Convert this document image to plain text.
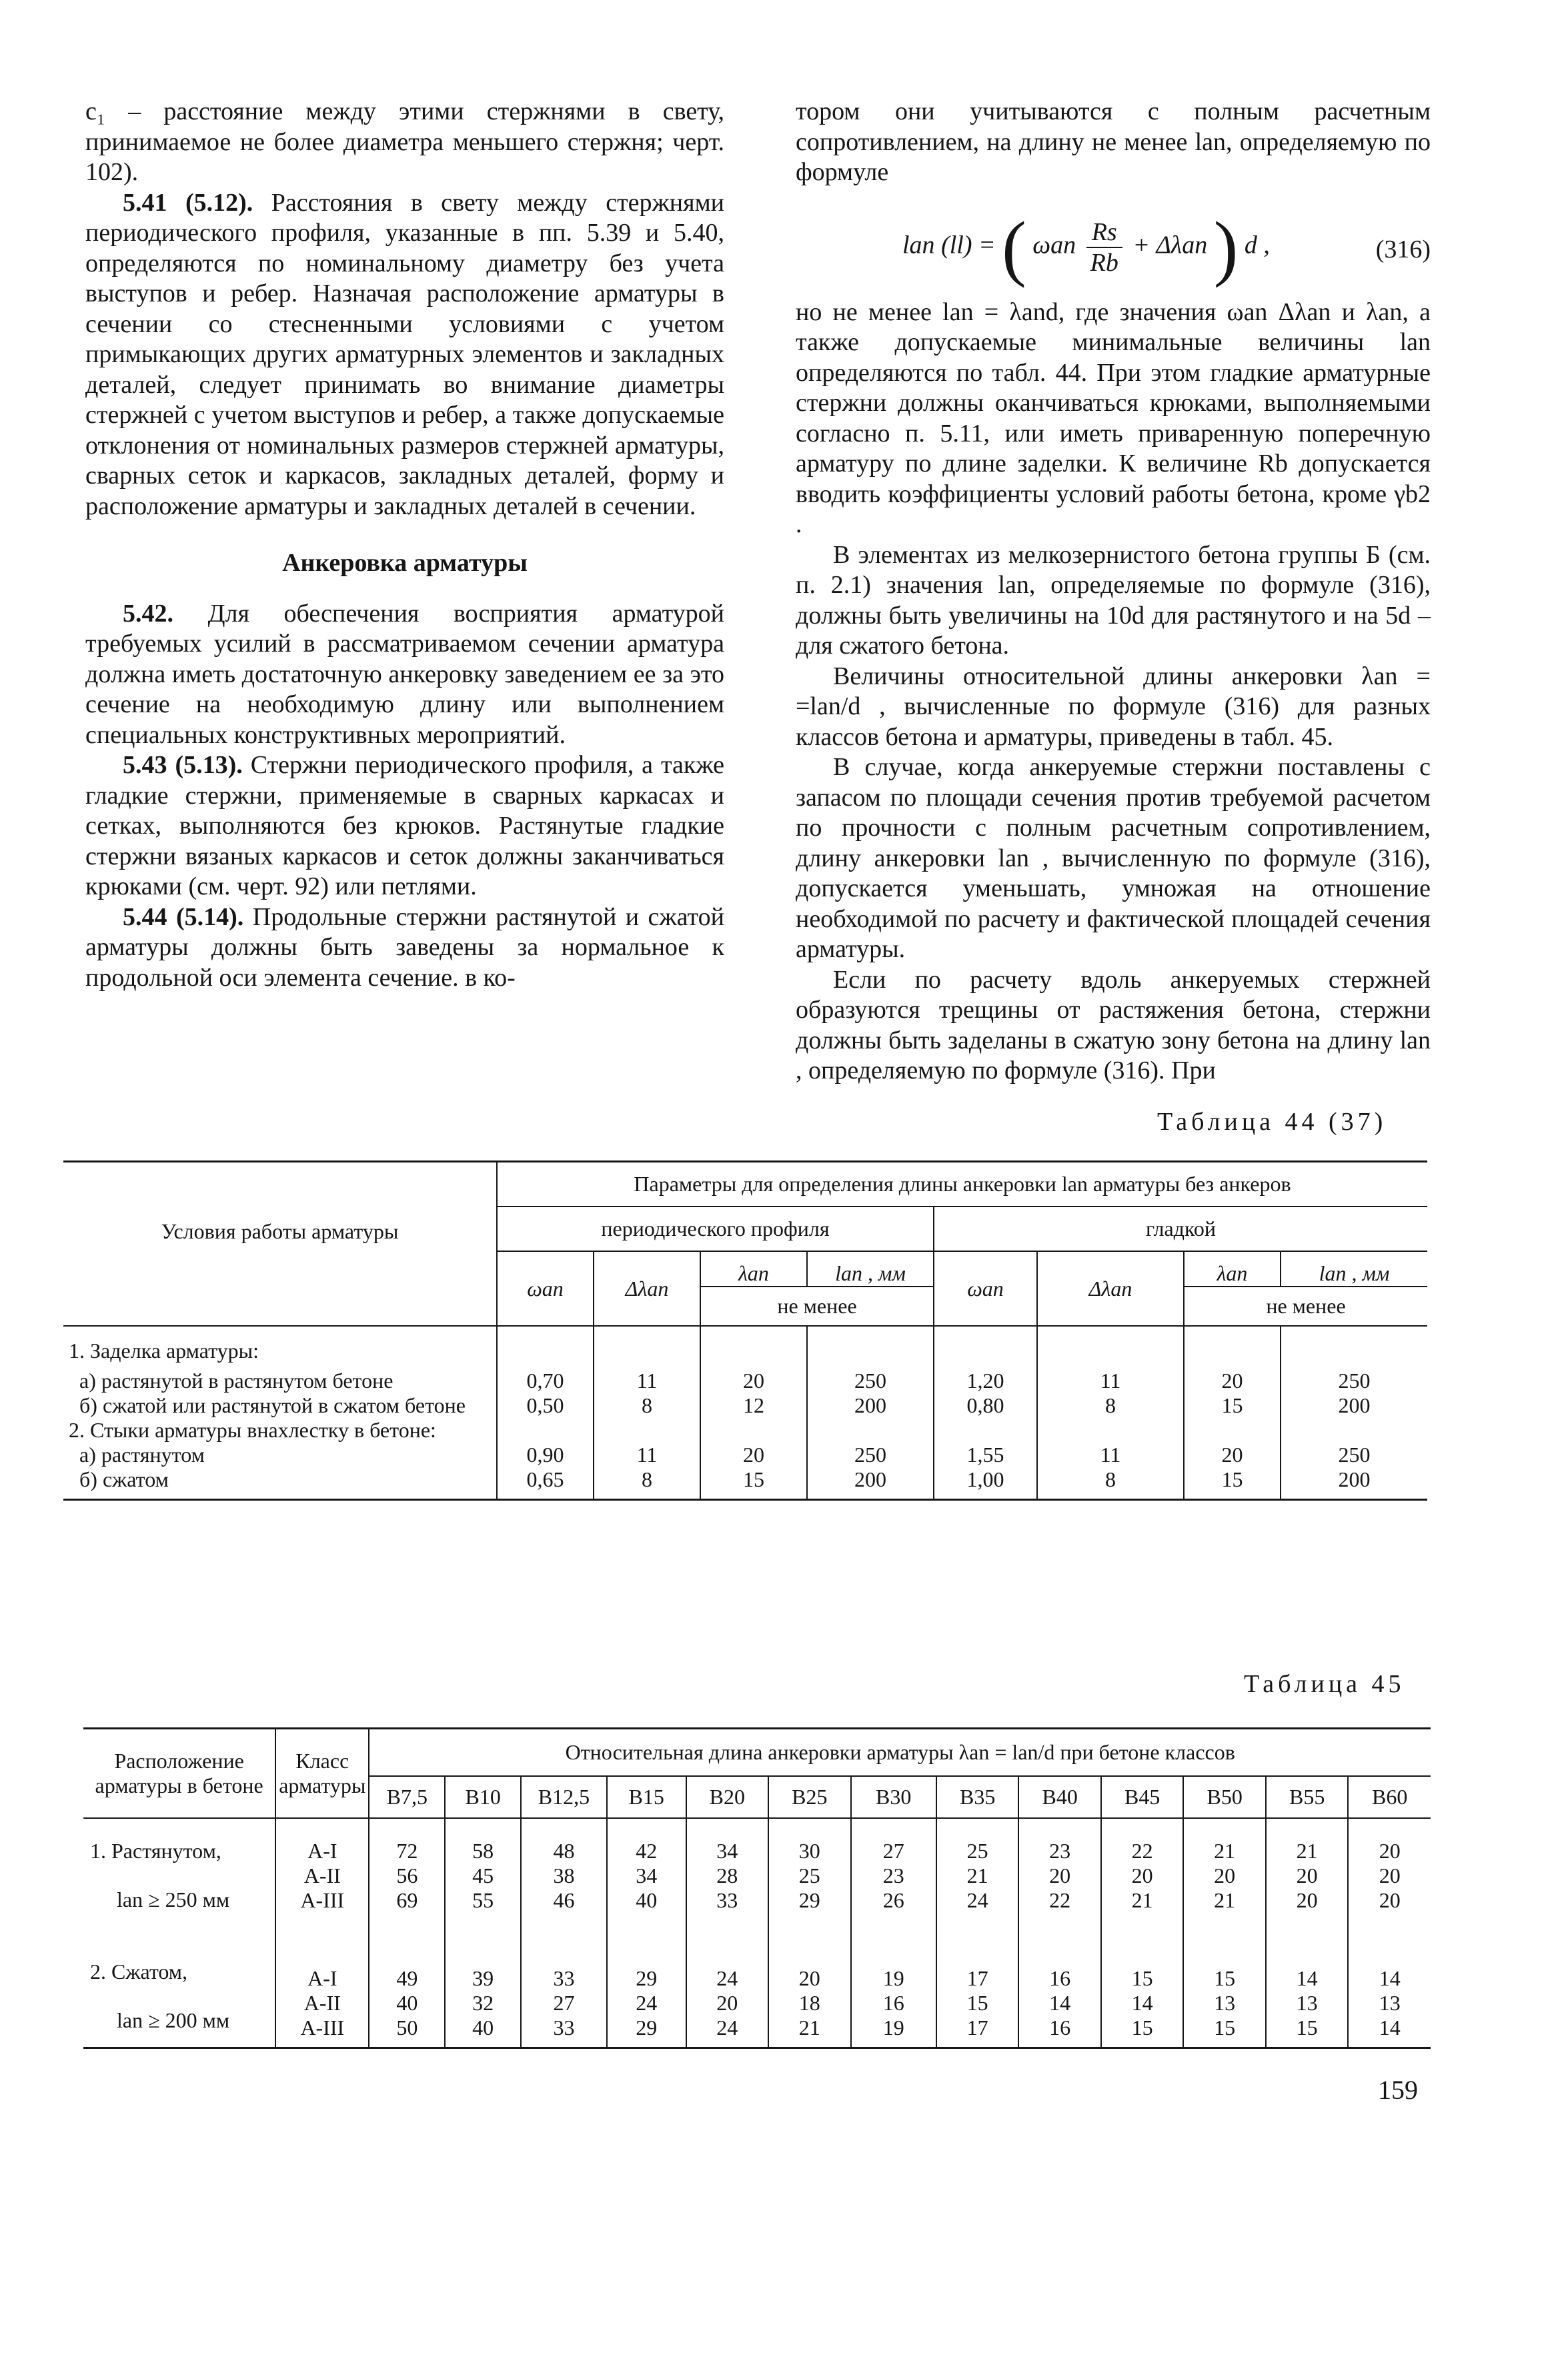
c₁ – расстояние между этими стержнями в свету, принимаемое не более диаметра меньшего стержня; черт. 102).

5.41 (5.12). Расстояния в свету между стержнями периодического профиля, указанные в пп. 5.39 и 5.40, определяются по номинальному диаметру без учета выступов и ребер. Назначая расположение арматуры в сечении со стесненными условиями с учетом примыкающих других арматурных элементов и закладных деталей, следует принимать во внимание диаметры стержней с учетом выступов и ребер, а также допускаемые отклонения от номинальных размеров стержней арматуры, сварных сеток и каркасов, закладных деталей, форму и расположение арматуры и закладных деталей в сечении.

Анкеровка арматуры

5.42. Для обеспечения восприятия арматурой требуемых усилий в рассматриваемом сечении арматура должна иметь достаточную анкеровку заведением ее за это сечение на необходимую длину или выполнением специальных конструктивных мероприятий.

5.43 (5.13). Стержни периодического профиля, а также гладкие стержни, применяемые в сварных каркасах и сетках, выполняются без крюков. Растянутые гладкие стержни вязаных каркасов и сеток должны заканчиваться крюками (см. черт. 92) или петлями.

5.44 (5.14). Продольные стержни растянутой и сжатой арматуры должны быть заведены за нормальное к продольной оси элемента сечение. в ко-

тором они учитываются с полным расчетным сопротивлением, на длину не менее lan, определяемую по формуле

lan (ll) = ( ωan $\frac{Rs}{Rb} + \Delta\lambda an$ ) d ,	(316)

но не менее lan = λand, где значения ωan Δλan и λan, а также допускаемые минимальные величины lan определяются по табл. 44. При этом гладкие арматурные стержни должны оканчиваться крюками, выполняемыми согласно п. 5.11, или иметь приваренную поперечную арматуру по длине заделки. К величине Rb допускается вводить коэффициенты условий работы бетона, кроме γb2 .

В элементах из мелкозернистого бетона группы Б (см. п. 2.1) значения lan, определяемые по формуле (316), должны быть увеличины на 10d для растянутого и на 5d – для сжатого бетона.

Величины относительной длины анкеровки λan = =lan/d , вычисленные по формуле (316) для разных классов бетона и арматуры, приведены в табл. 45.

В случае, когда анкеруемые стержни поставлены с запасом по площади сечения против требуемой расчетом по прочности с полным расчетным сопротивлением, длину анкеровки lan , вычисленную по формуле (316), допускается уменьшать, умножая на отношение необходимой по расчету и фактической площадей сечения арматуры.

Если по расчету вдоль анкеруемых стержней образуются трещины от растяжения бетона, стержни должны быть заделаны в сжатую зону бетона на длину lan , определяемую по формуле (316). При

Таблица 44 (37)
Условия работы арматуры	Параметры для определения длины анкеровки lan арматуры без анкеров							
	периодического профиля				гладкой			
	ωan	Δλan	λan	lan , мм	ωan	Δλan	λan	lan , мм
			не менее				не менее	
1. Заделка арматуры:								
а) растянутой в растянутом бетоне	0,70	11	20	250	1,20	11	20	250
б) сжатой или растянутой в сжатом бетоне	0,50	8	12	200	0,80	8	15	200
2. Стыки арматуры внахлестку в бетоне:								
а) растянутом	0,90	11	20	250	1,55	11	20	250
б) сжатом	0,65	8	15	200	1,00	8	15	200
Таблица 45
Расположение арматуры в бетоне	Класс арматуры	Относительная длина анкеровки арматуры λan = lan/d при бетоне классов												
		В7,5	В10	В12,5	В15	В20	В25	В30	В35	В40	В45	В50	В55	В60

1. Растянутом,
lan ≥ 250 мм	А-I	72	58	48	42	34	30	27	25	23	22	21	21	20
	А-II	56	45	38	34	28	25	23	21	20	20	20	20	20
	А-III	69	55	46	40	33	29	26	24	22	21	21	20	20

2. Сжатом,
lan ≥ 200 мм	А-I	49	39	33	29	24	20	19	17	16	15	15	14	14
	А-II	40	32	27	24	20	18	16	15	14	14	13	13	13
	А-III	50	40	33	29	24	21	19	17	16	15	15	15	14
159
